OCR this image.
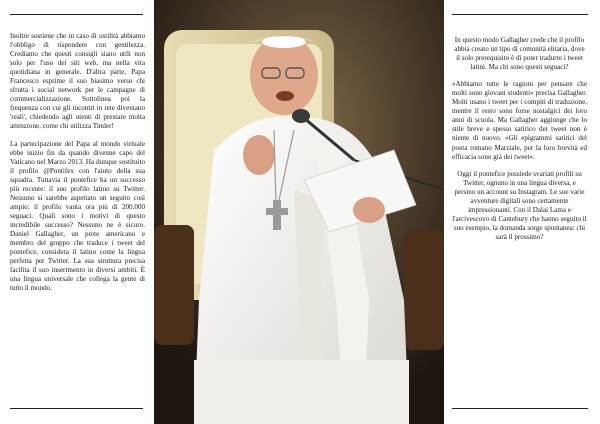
Inoltre sostiene che in caso di ostilità abbiamo l'obbligo di rispondere con gentilezza. Crediamo che questi consigli siano utili non solo per l'uso dei siti web, ma nella vita quotidiana in generale. D'altra parte, Papa Francesco esprime il suo biasimo verso chi sfrutta i social network per le campagne di commercializzazione. Sottolinea poi la frequenza con cui gli incontri in rete diventano 'reali', chiedendo agli utenti di prestare molta attenzione, come chi utilizza Tinder!

La partecipazione del Papa al mondo virtuale ebbe inizio fin da quando divenne capo del Vaticano nel Marzo 2013. Ha dunque sostituito il profilo @Pontifex con l'aiuto della sua squadra. Tuttavia il pontefice ha un successo più recente: il suo profilo latino su Twitter. Nessuno si sarebbe aspettato un seguito così ampio: il profilo vanta ora più di 200.000 seguaci. Quali sono i motivi di questo incredibile successo? Nessuno ne è sicuro. Daniel Gallagher, un prete americano e membro del gruppo che traduce i tweet del pontefice, considera il latino come la lingua perfetta per Twitter. La sua struttura precisa facilita il suo inserimento in diversi ambiti. È una lingua universale che collega la gente di tutto il mondo.

In questo modo Gallagher crede che il profilo abbia creato un tipo di comunità elitaria, dove il solo prerequisito è di poter tradurre i tweet latini. Ma chi sono questi seguaci?

«Abbiamo tutte le ragioni per pensare che molti sono giovani studenti» precisa Gallagher. Molti usano i tweet per i compiti di traduzione, mentre il resto sono forse nostalgici dei loro anni di scuola. Ma Gallagher aggiunge che lo stile breve e spesso satirico dei tweet non è niente di nuovo. «Gli epigrammi satirici del poeta romano Marziale, per la loro brevità ed efficacia sono già dei tweet».

Oggi il pontefice possiede svariati profili su Twitter, ognuno in una lingua diversa, e persino un account su Instagram. Le sue varie avventure digitali sono certamente impressionanti. Con il Dalai Lama e l'arcivescovo di Cantebury che hanno seguito il suo esempio, la domanda sorge spontanea: chi sarà il prossimo?
